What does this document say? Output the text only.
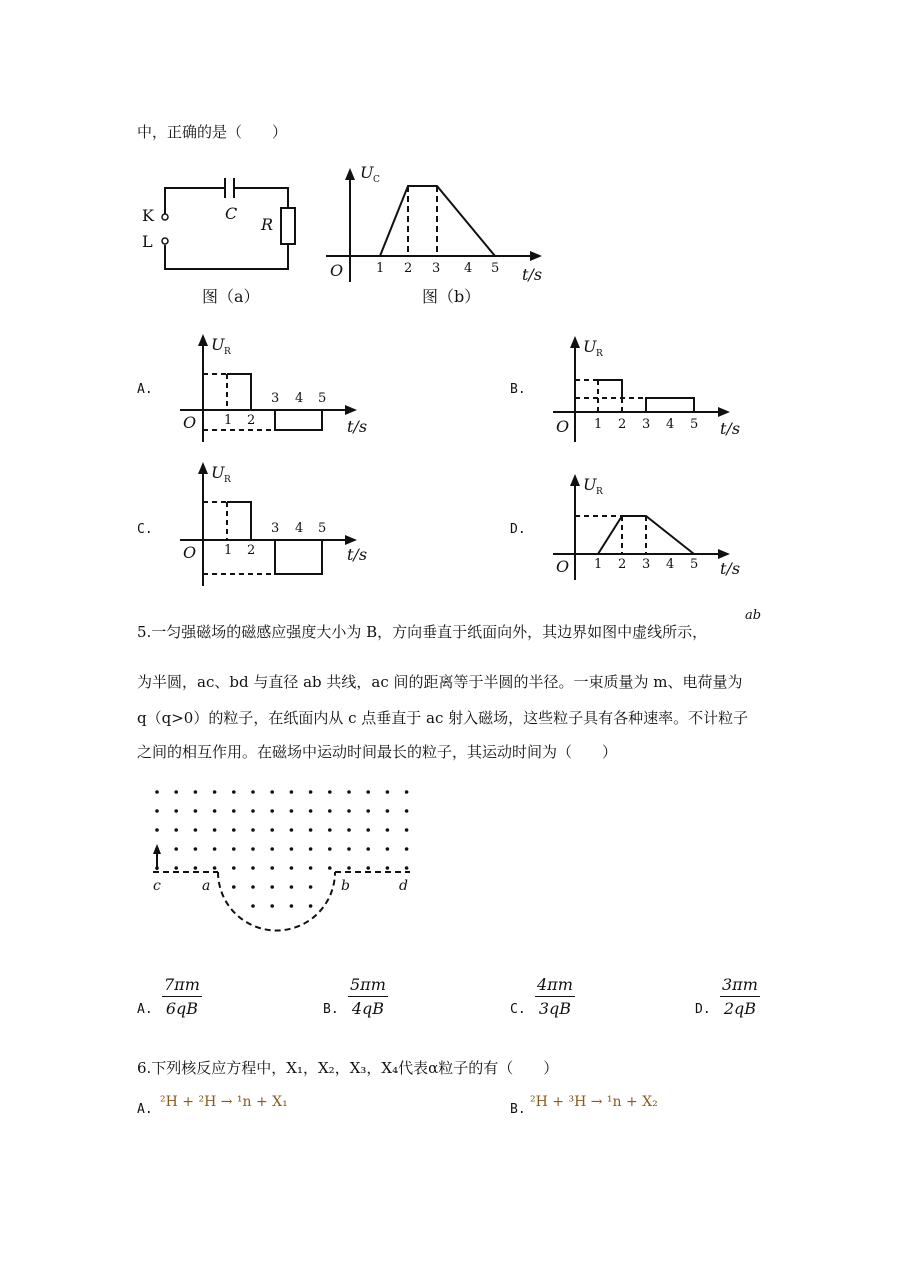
中，正确的是（　　）
K
L
C
R
图（a）
U C
O	1 2 3 4 5 t/s
图（b）
A.
U R
O 1 2
3 4 5
t/s
B.
U R
O 1 2 3 4 5 t/s
C.
U R
O 1 2
3 4 5
t/s
D.
U R
O 1 2 3 4 5 t/s
5.一匀强磁场的磁感应强度大小为 B，方向垂直于纸面向外，其边界如图中虚线所示，
ab
为半圆，ac、bd 与直径 ab 共线，ac 间的距离等于半圆的半径。一束质量为 m、电荷量为
q（q>0）的粒子，在纸面内从 c 点垂直于 ac 射入磁场，这些粒子具有各种速率。不计粒子
之间的相互作用。在磁场中运动时间最长的粒子，其运动时间为（　　）
c	a	b	d
A. $\frac{7\pi m}{6qB}$	B. $\frac{5\pi m}{4qB}$	C. $\frac{4\pi m}{3qB}$	D. $\frac{3\pi m}{2qB}$
6.下列核反应方程中，X₁，X₂，X₃，X₄代表α粒子的有（　　）
A. ²H + ²H → ¹n + X₁	B. ²H + ³H → ¹n + X₂
